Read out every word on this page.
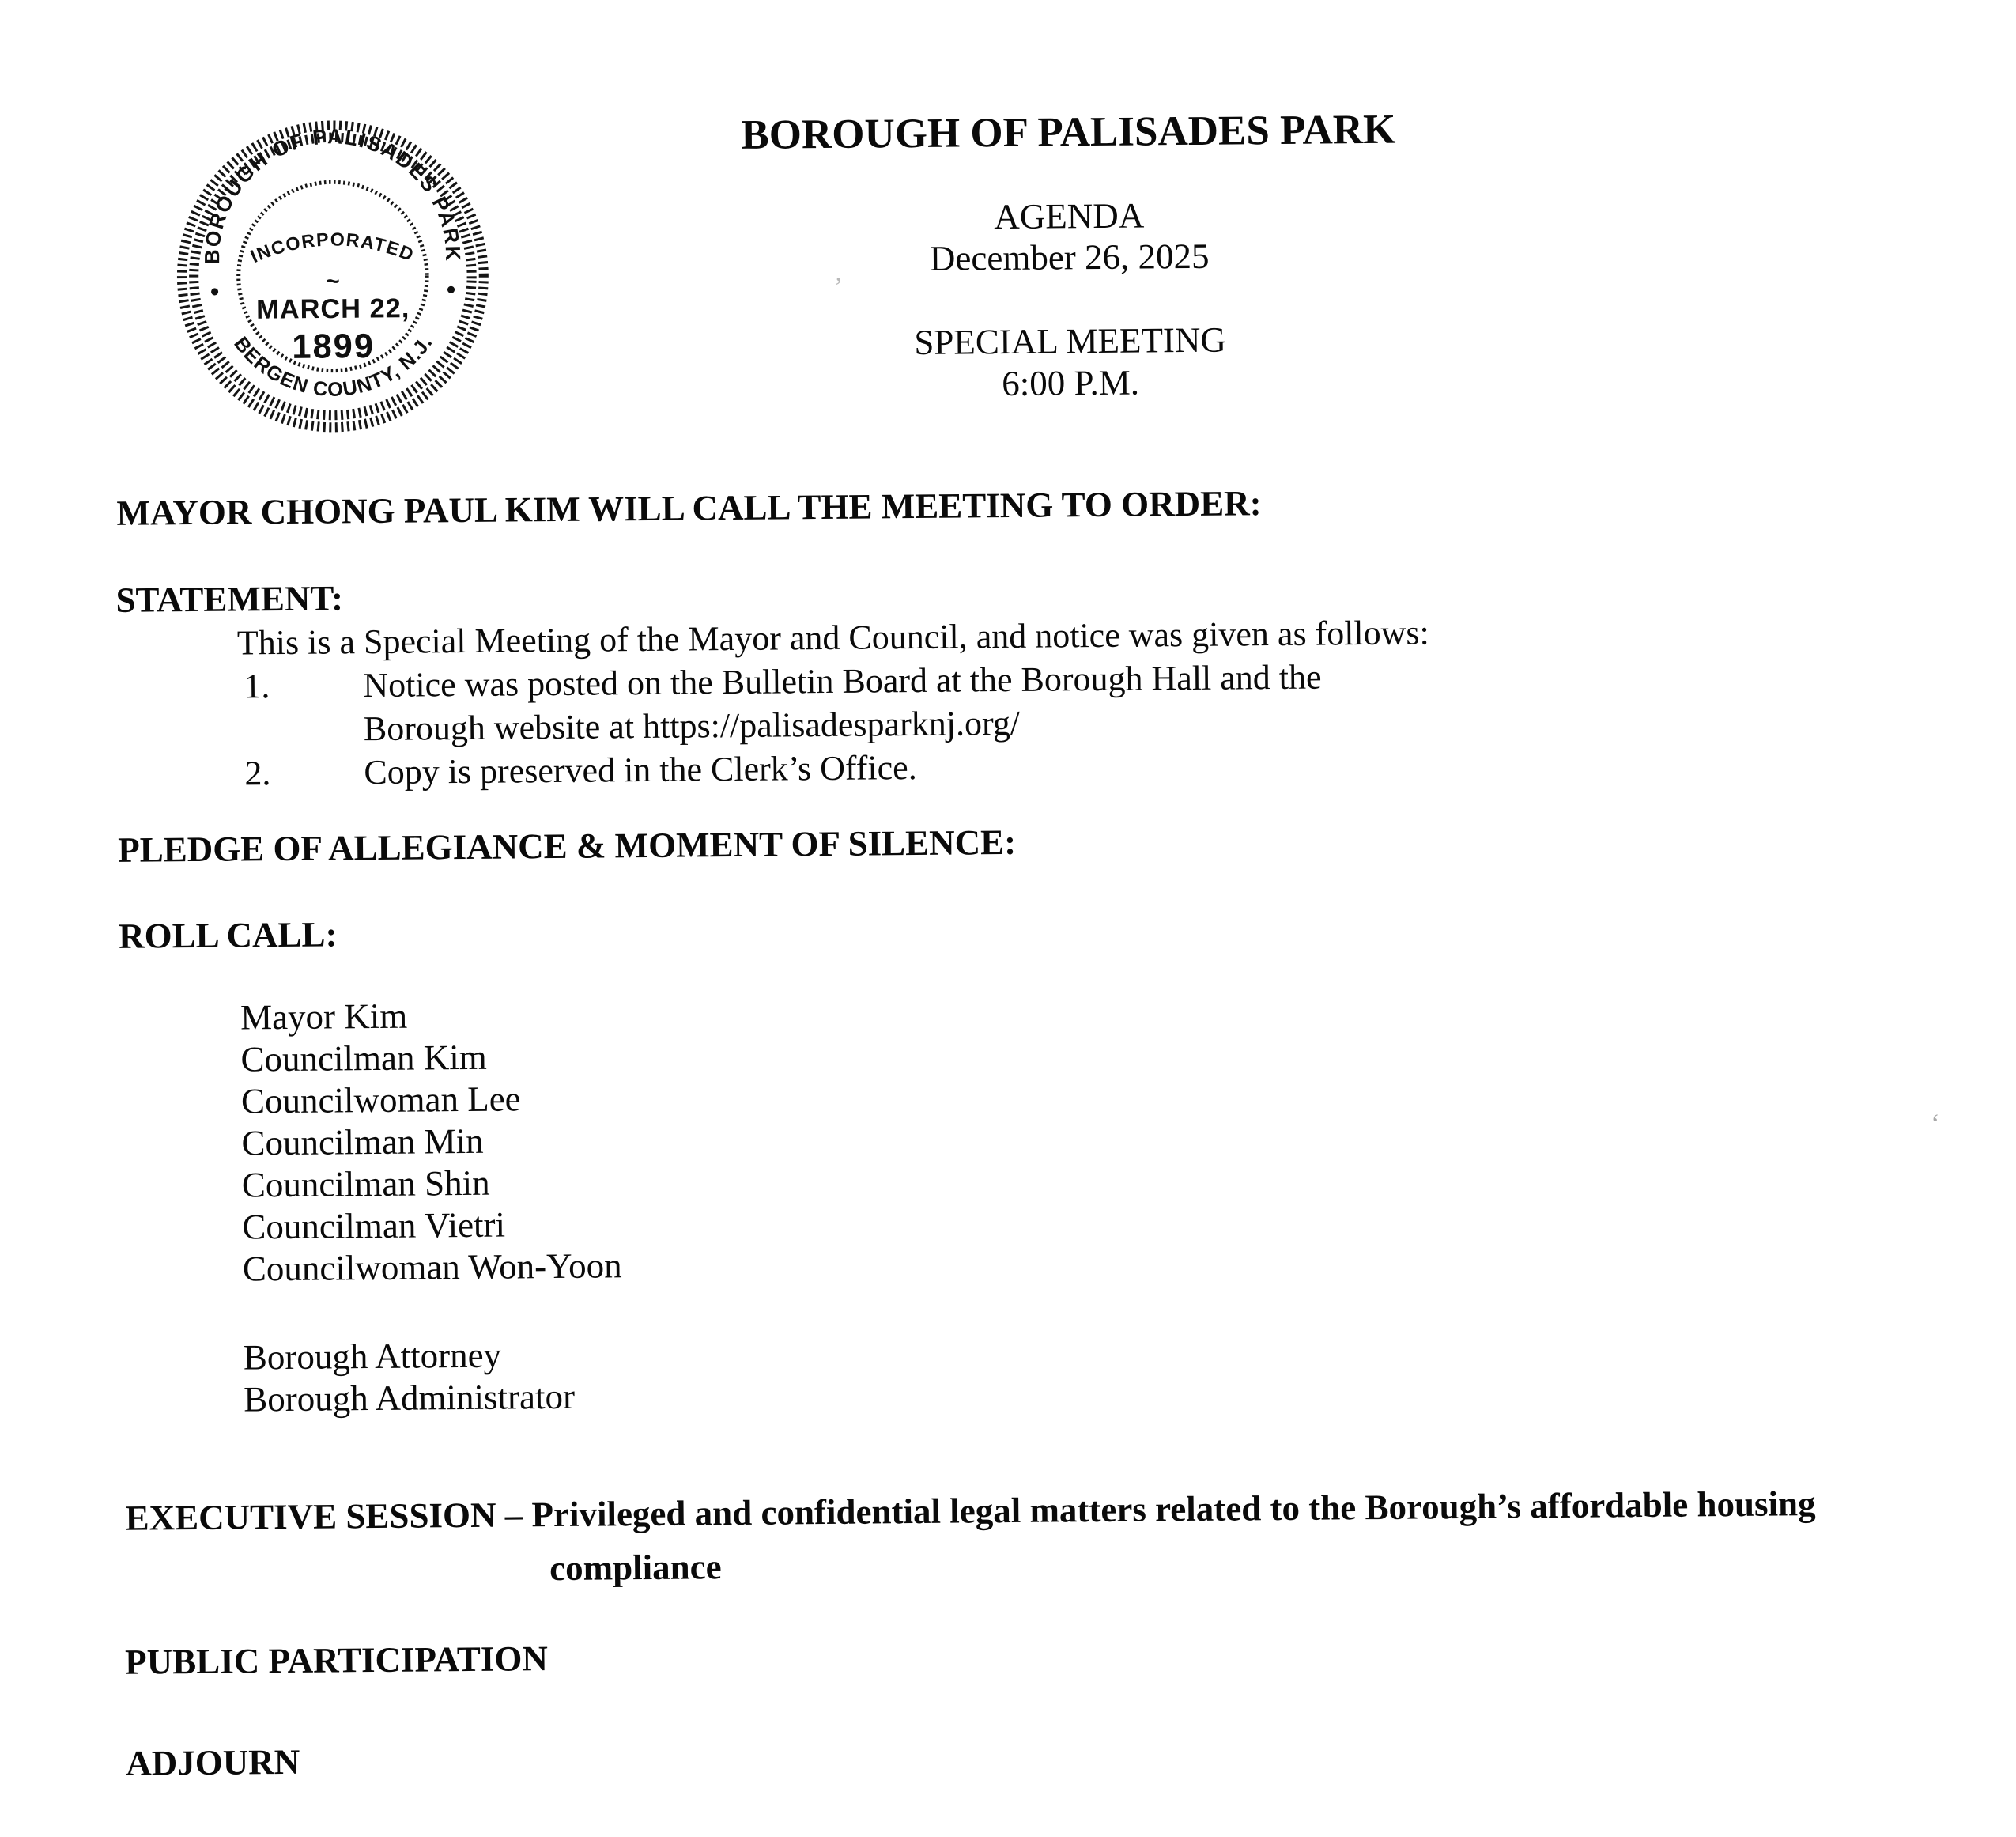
BOROUGH OF PALISADES PARK
BERGEN COUNTY, N.J.
INCORPORATED
~
MARCH 22,
1899
BOROUGH OF PALISADES PARK
AGENDA
December 26, 2025
SPECIAL MEETING
6:00 P.M.
MAYOR CHONG PAUL KIM WILL CALL THE MEETING TO ORDER:
STATEMENT:
This is a Special Meeting of the Mayor and Council, and notice was given as follows:
1.	Notice was posted on the Bulletin Board at the Borough Hall and the
Borough website at https://palisadesparknj.org/
2.	Copy is preserved in the Clerk’s Office.
PLEDGE OF ALLEGIANCE & MOMENT OF SILENCE:
ROLL CALL:
Mayor Kim
Councilman Kim
Councilwoman Lee
Councilman Min
Councilman Shin
Councilman Vietri
Councilwoman Won-Yoon
Borough Attorney
Borough Administrator
EXECUTIVE SESSION – Privileged and confidential legal matters related to the Borough’s affordable housing
compliance
PUBLIC PARTICIPATION
ADJOURN
’
‘
